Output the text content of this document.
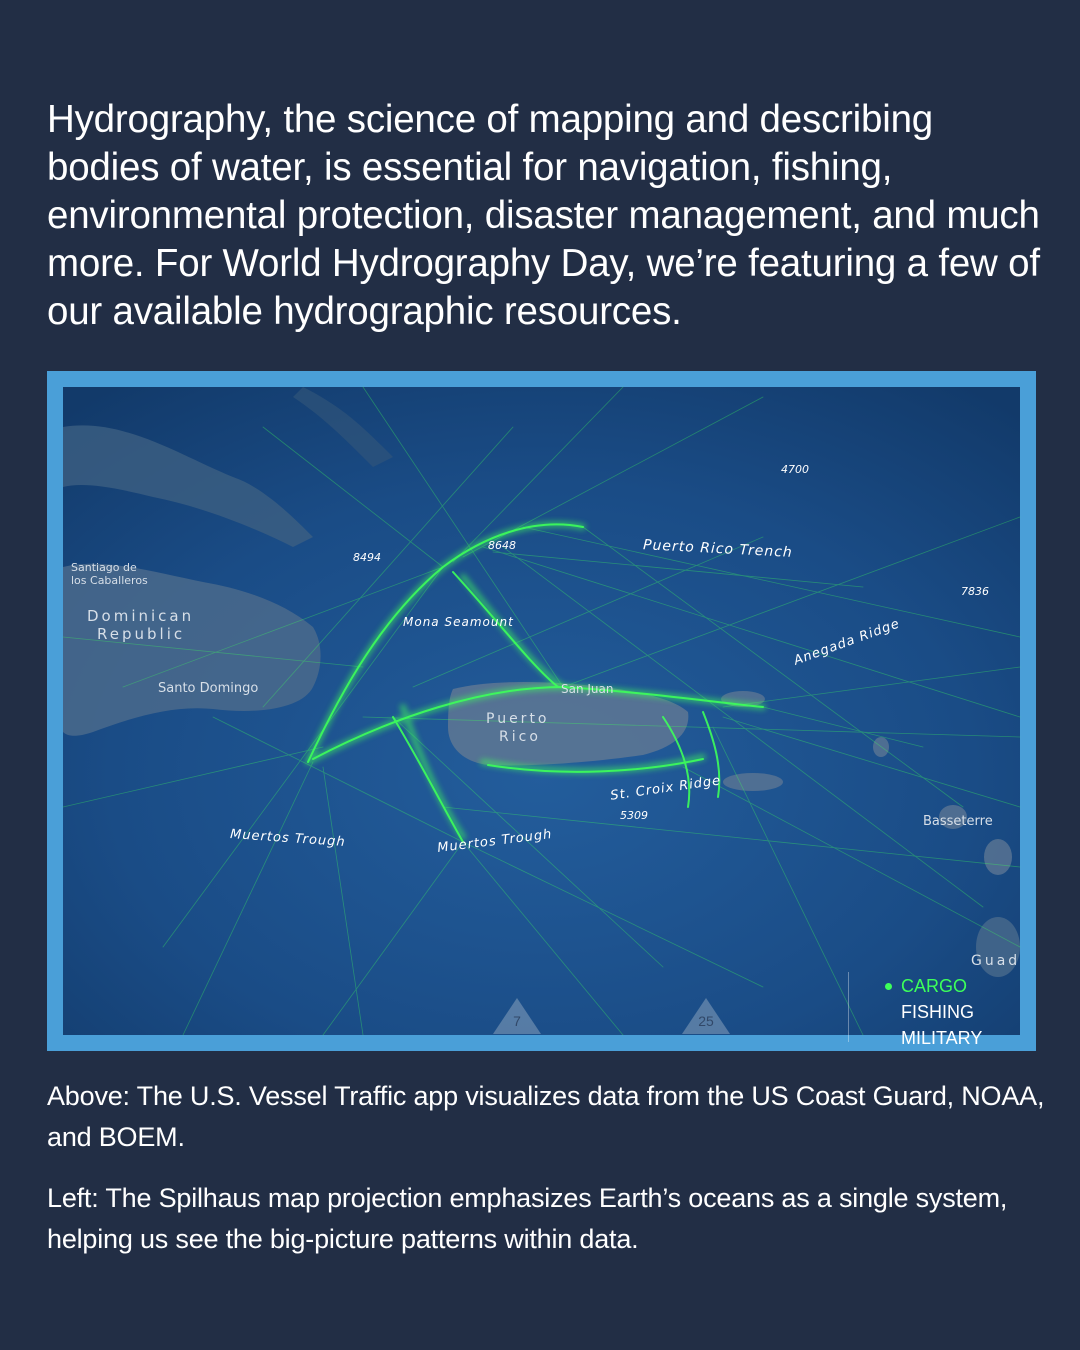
Hydrography, the science of mapping and describing bodies of water, is essential for navigation, fishing, environmental protection, disaster management, and much more. For World Hydrography Day, we’re featuring a few of our available hydrographic resources.

4700
8494
8648	Puerto Rico Trench
7836
Anegada Ridge
Santiago de
los Caballeros
Dominican
Republic
Mona Seamount
Santo Domingo	San Juan
Puerto
Rico
St. Croix Ridge
5309
Muertos Trough	Muertos Trough
Basseterre
Guad
7	25
CARGO
FISHING
MILITARY

Above: The U.S. Vessel Traffic app visualizes data from the US Coast Guard, NOAA, and BOEM.

Left: The Spilhaus map projection emphasizes Earth’s oceans as a single system, helping us see the big-picture patterns within data.
